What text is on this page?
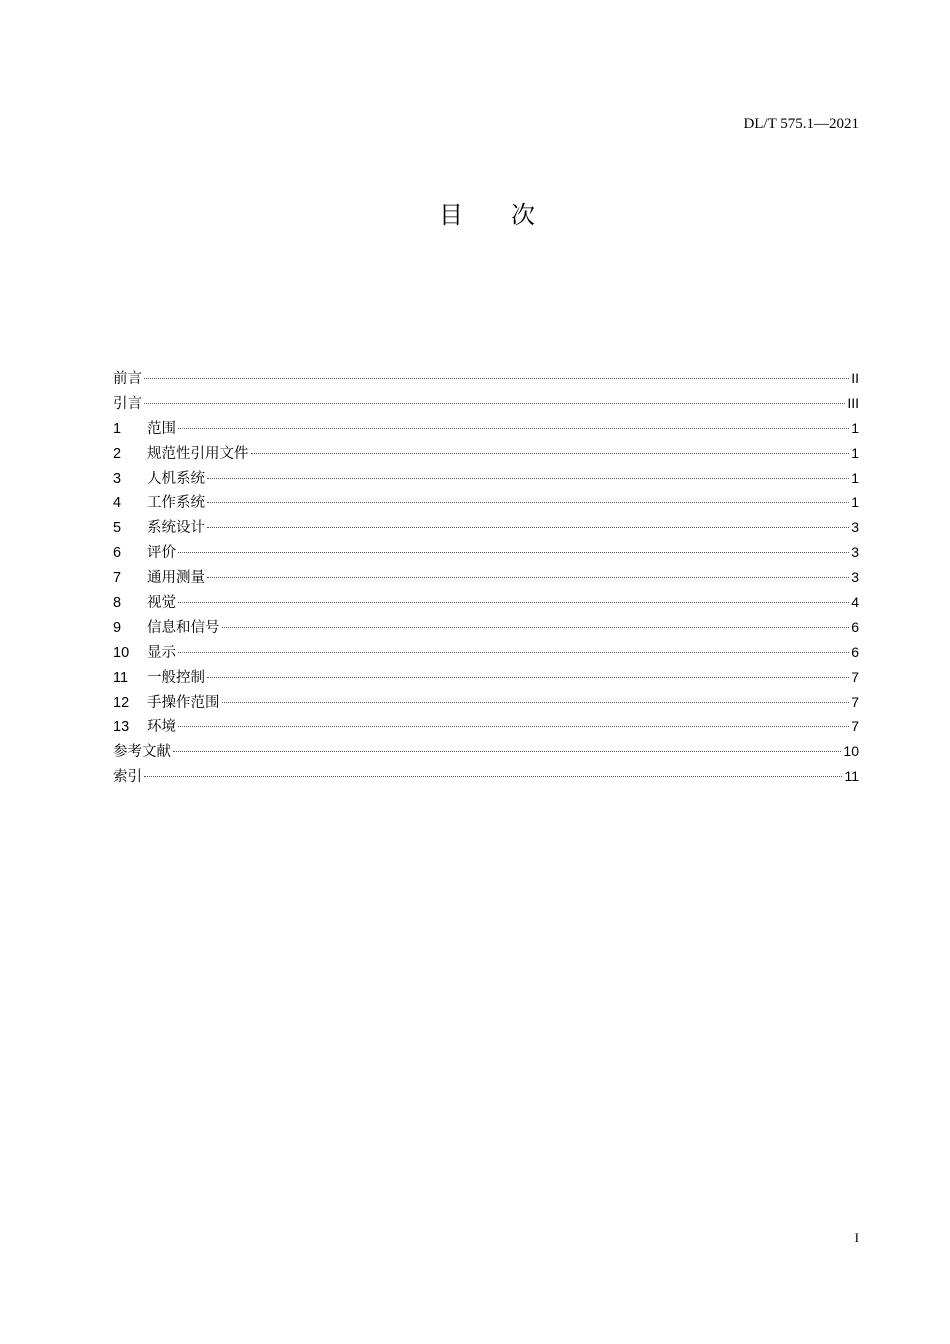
DL/T 575.1—2021
目 次
前言	II
引言	III
1	范围	1
2	规范性引用文件	1
3	人机系统	1
4	工作系统	1
5	系统设计	3
6	评价	3
7	通用测量	3
8	视觉	4
9	信息和信号	6
10	显示	6
11	一般控制	7
12	手操作范围	7
13	环境	7
参考文献	10
索引	11
I
